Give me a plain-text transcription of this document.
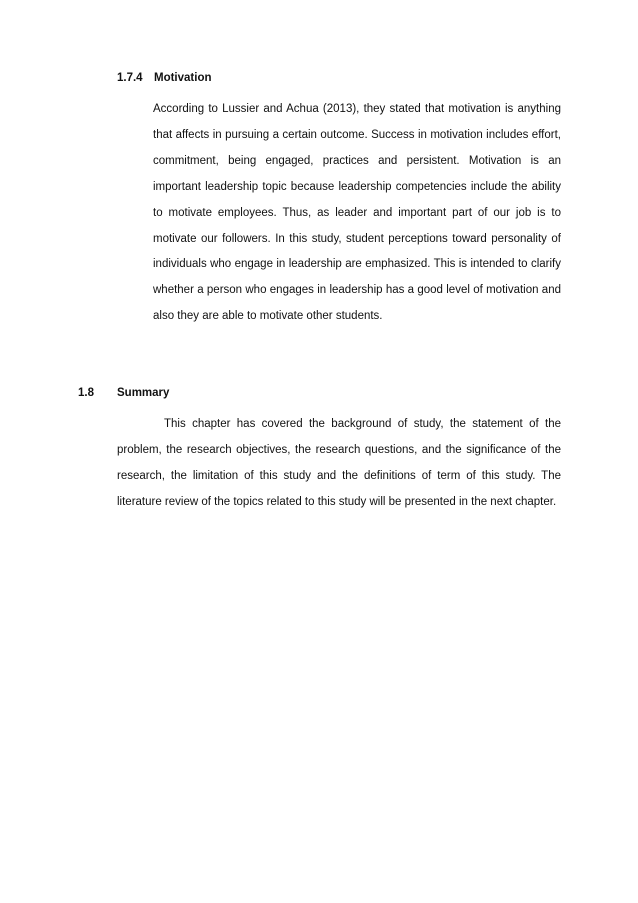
1.7.4 Motivation

According to Lussier and Achua (2013), they stated that motivation is anything that affects in pursuing a certain outcome. Success in motivation includes effort, commitment, being engaged, practices and persistent. Motivation is an important leadership topic because leadership competencies include the ability to motivate employees. Thus, as leader and important part of our job is to motivate our followers. In this study, student perceptions toward personality of individuals who engage in leadership are emphasized. This is intended to clarify whether a person who engages in leadership has a good level of motivation and also they are able to motivate other students.

1.8 Summary

This chapter has covered the background of study, the statement of the problem, the research objectives, the research questions, and the significance of the research, the limitation of this study and the definitions of term of this study. The literature review of the topics related to this study will be presented in the next chapter.
